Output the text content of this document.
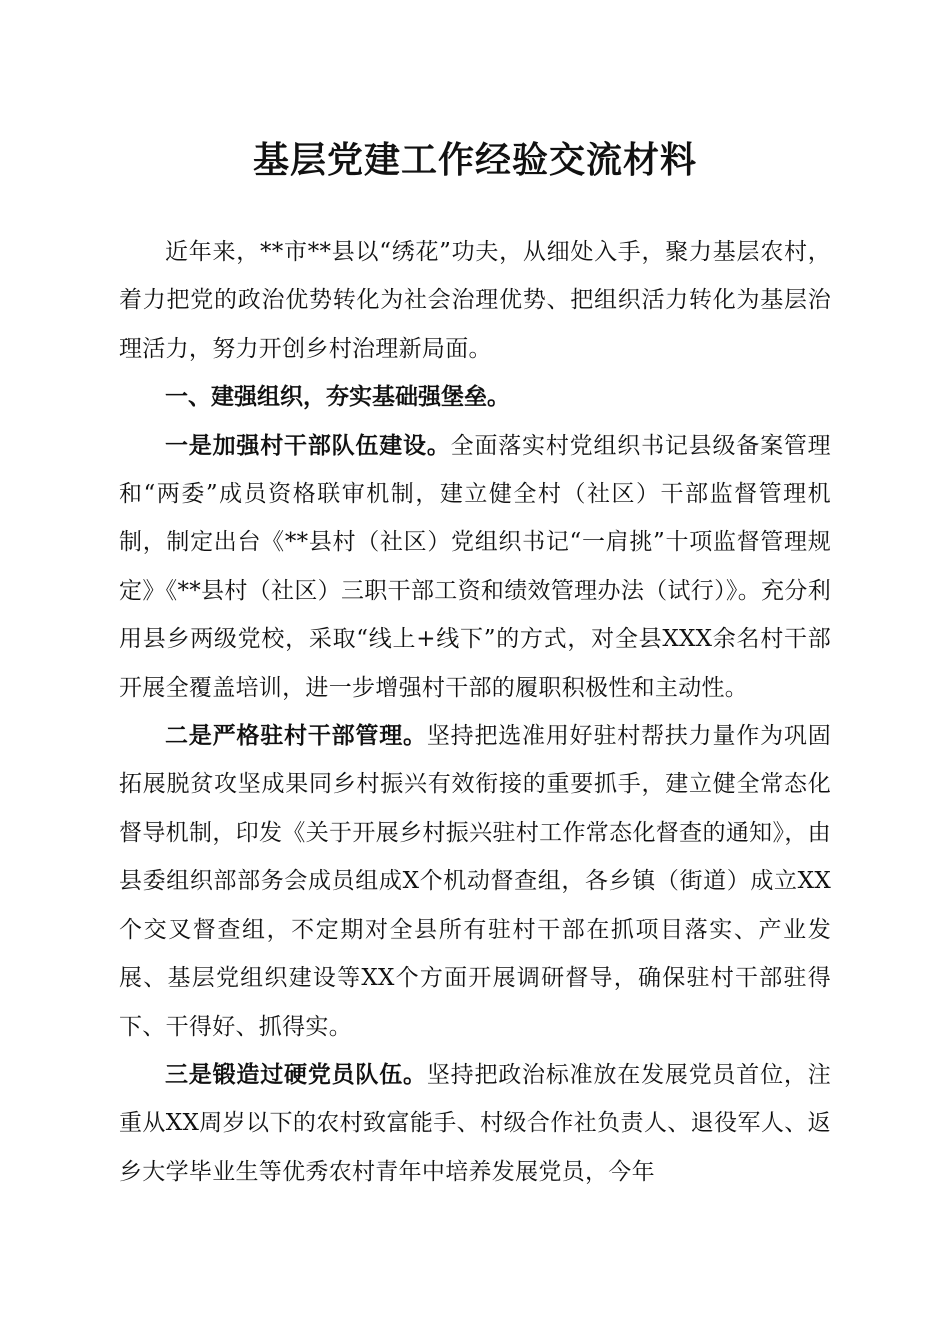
基层党建工作经验交流材料

近年来，**市**县以“绣花”功夫，从细处入手，聚力基层农村，着力把党的政治优势转化为社会治理优势、把组织活力转化为基层治理活力，努力开创乡村治理新局面。

一、建强组织，夯实基础强堡垒。

一是加强村干部队伍建设。全面落实村党组织书记县级备案管理和“两委”成员资格联审机制，建立健全村（社区）干部监督管理机制，制定出台《**县村（社区）党组织书记“一肩挑”十项监督管理规定》《**县村（社区）三职干部工资和绩效管理办法（试行）》。充分利用县乡两级党校，采取“线上+线下”的方式，对全县XXX余名村干部开展全覆盖培训，进一步增强村干部的履职积极性和主动性。

二是严格驻村干部管理。坚持把选准用好驻村帮扶力量作为巩固拓展脱贫攻坚成果同乡村振兴有效衔接的重要抓手，建立健全常态化督导机制，印发《关于开展乡村振兴驻村工作常态化督查的通知》，由县委组织部部务会成员组成X个机动督查组，各乡镇（街道）成立XX个交叉督查组，不定期对全县所有驻村干部在抓项目落实、产业发展、基层党组织建设等XX个方面开展调研督导，确保驻村干部驻得下、干得好、抓得实。

三是锻造过硬党员队伍。坚持把政治标准放在发展党员首位，注重从XX周岁以下的农村致富能手、村级合作社负责人、退役军人、返乡大学毕业生等优秀农村青年中培养发展党员，今年
